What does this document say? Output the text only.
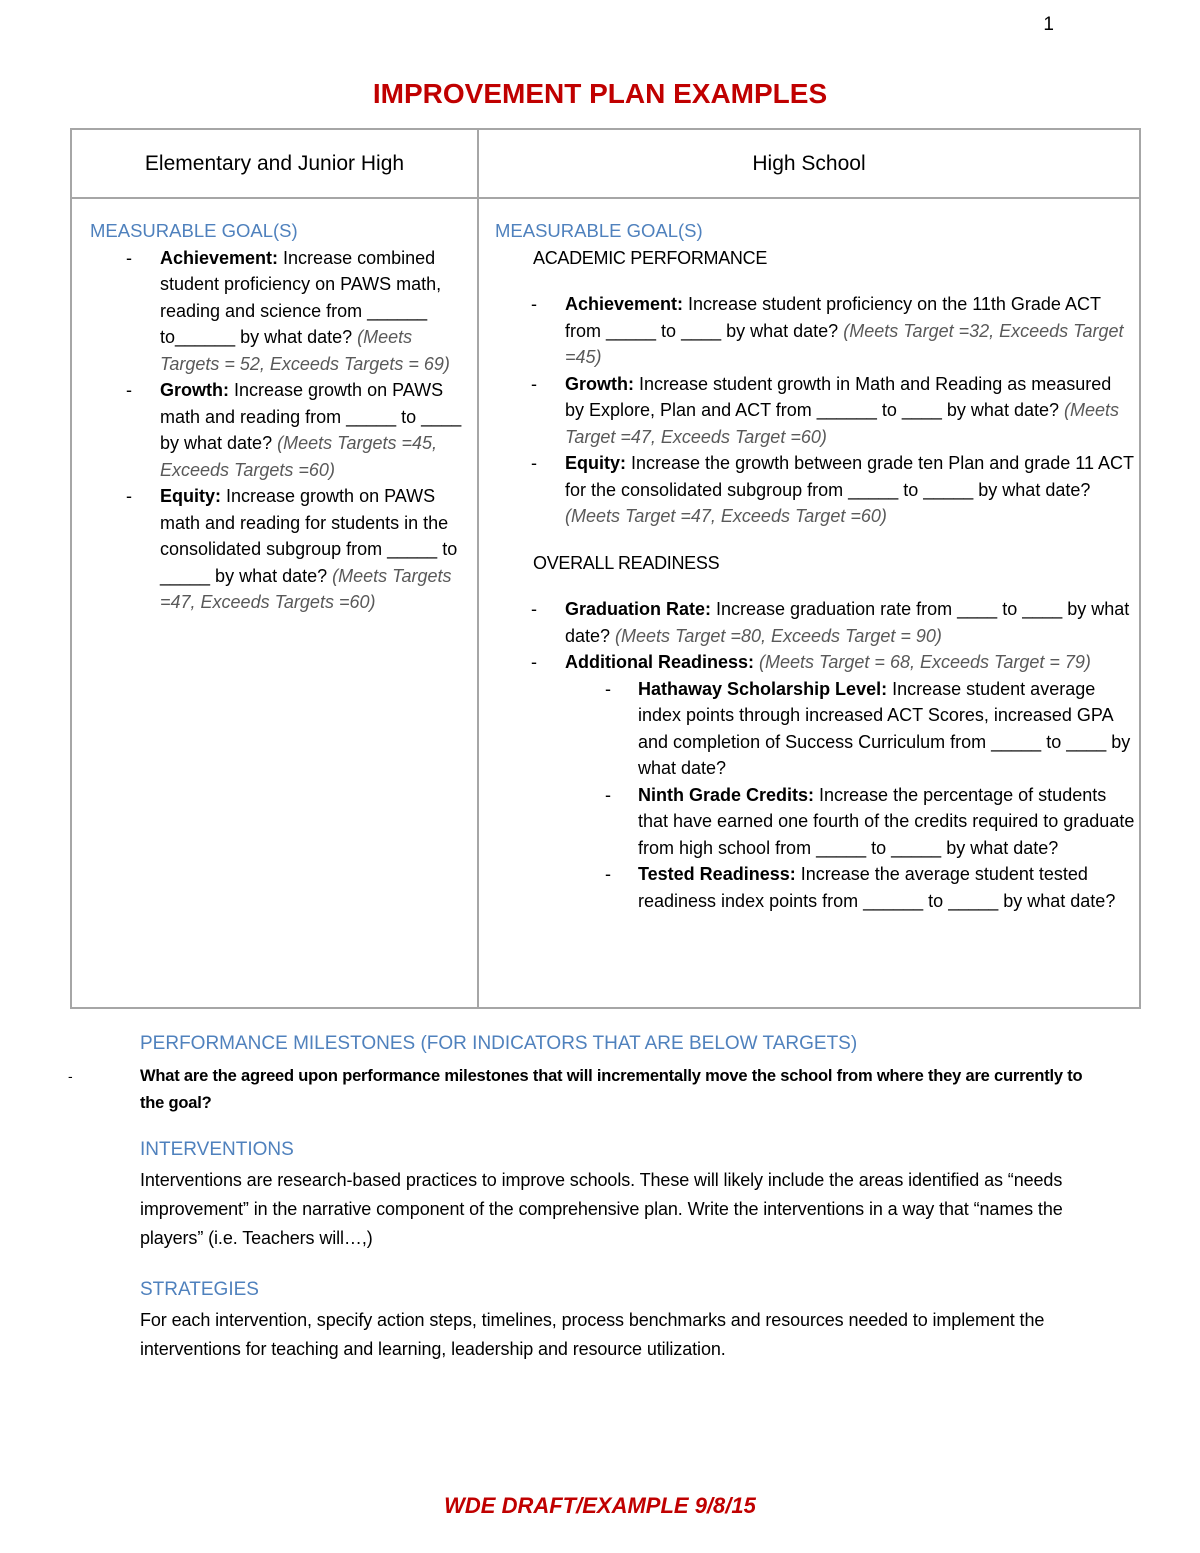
1
IMPROVEMENT PLAN EXAMPLES
Elementary and Junior High	High School
MEASURABLE GOAL(S)
- Achievement: Increase combined student proficiency on PAWS math, reading and science from ______ to______ by what date? (Meets Targets = 52, Exceeds Targets = 69)
- Growth: Increase growth on PAWS math and reading from _____ to ____ by what date? (Meets Targets =45, Exceeds Targets =60)
- Equity: Increase growth on PAWS math and reading for students in the consolidated subgroup from _____ to _____ by what date? (Meets Targets =47, Exceeds Targets =60)
MEASURABLE GOAL(S)
ACADEMIC PERFORMANCE
- Achievement: Increase student proficiency on the 11th Grade ACT from _____ to ____ by what date? (Meets Target =32, Exceeds Target =45)
- Growth: Increase student growth in Math and Reading as measured by Explore, Plan and ACT from ______ to ____ by what date? (Meets Target =47, Exceeds Target =60)
- Equity: Increase the growth between grade ten Plan and grade 11 ACT for the consolidated subgroup from _____ to _____ by what date? (Meets Target =47, Exceeds Target =60)
OVERALL READINESS
- Graduation Rate: Increase graduation rate from ____ to ____ by what date? (Meets Target =80, Exceeds Target = 90)
- Additional Readiness: (Meets Target = 68, Exceeds Target = 79)
- Hathaway Scholarship Level: Increase student average index points through increased ACT Scores, increased GPA and completion of Success Curriculum from _____ to ____ by what date?
- Ninth Grade Credits: Increase the percentage of students that have earned one fourth of the credits required to graduate from high school from _____ to _____ by what date?
- Tested Readiness: Increase the average student tested readiness index points from ______ to _____ by what date?
PERFORMANCE MILESTONES (FOR INDICATORS THAT ARE BELOW TARGETS)
-	What are the agreed upon performance milestones that will incrementally move the school from where they are currently to the goal?
INTERVENTIONS
Interventions are research-based practices to improve schools. These will likely include the areas identified as “needs improvement” in the narrative component of the comprehensive plan. Write the interventions in a way that “names the players” (i.e. Teachers will…,)
STRATEGIES
For each intervention, specify action steps, timelines, process benchmarks and resources needed to implement the interventions for teaching and learning, leadership and resource utilization.
WDE DRAFT/EXAMPLE 9/8/15
